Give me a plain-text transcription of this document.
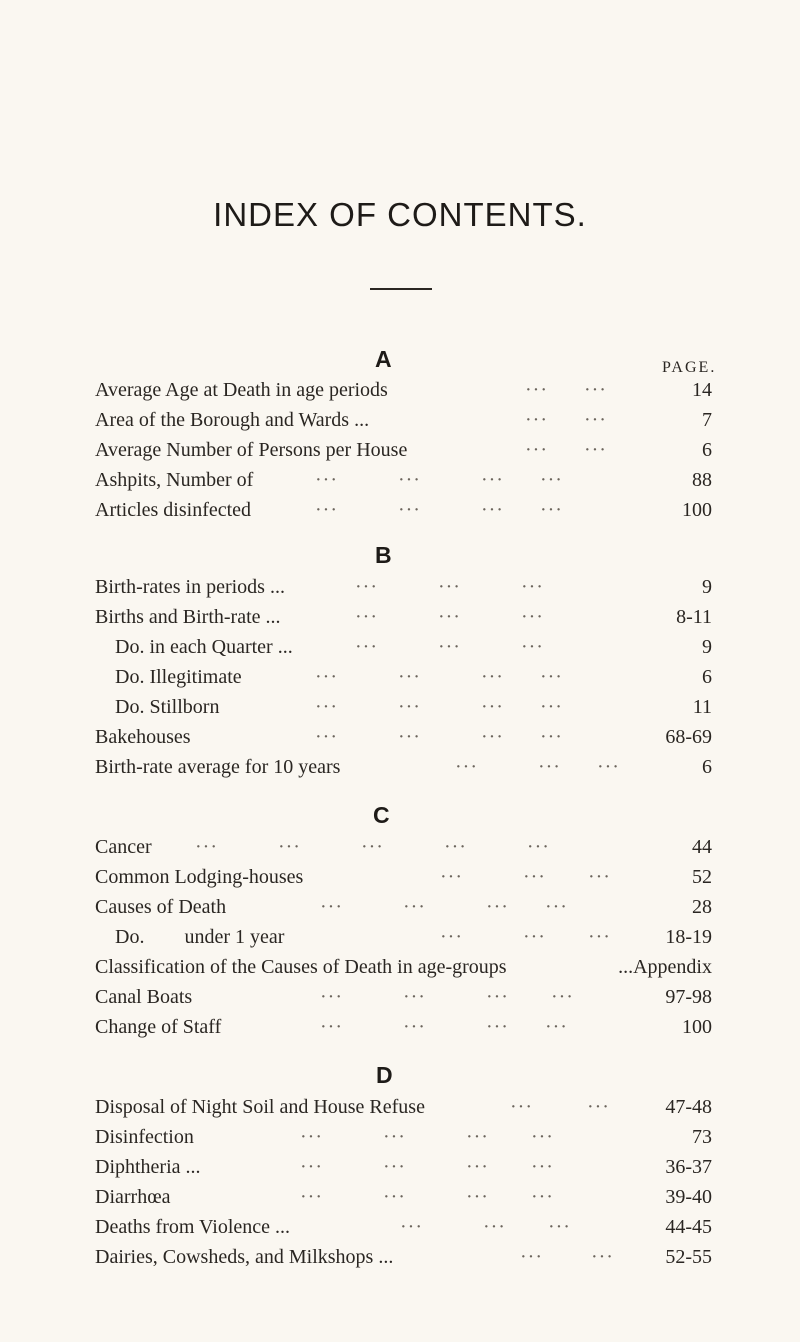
INDEX OF CONTENTS.
PAGE.
A
B
C
D
Average Age at Death in age periods	···      ···	14
Area of the Borough and Wards ...	···      ···	7
Average Number of Persons per House	···      ···	6
Ashpits, Number of	···          ···          ···      ···	88
Articles disinfected	···          ···          ···      ···	100
Birth-rates in periods ...	···          ···          ···	9
Births and Birth-rate ...	···          ···          ···	8-11
Do. in each Quarter ...	···          ···          ···	9
Do. Illegitimate	···          ···          ···      ···	6
Do. Stillborn	···          ···          ···      ···	11
Bakehouses	···          ···          ···      ···	68-69
Birth-rate average for 10 years	···          ···      ···	6
Cancer ···          ···          ···          ···          ···	44
Common Lodging-houses	···          ···       ···	52
Causes of Death	···          ···          ···      ···	28
Do.        under 1 year	···          ···       ···	18-19
Classification of the Causes of Death in age-groups	...Appendix
Canal Boats	···          ···          ···       ···	97-98
Change of Staff	···          ···          ···      ···	100
Disposal of Night Soil and House Refuse	···         ···	47-48
Disinfection	···          ···          ···       ···	73
Diphtheria ...	···          ···          ···       ···	36-37
Diarrhœa	···          ···          ···       ···	39-40
Deaths from Violence ...	···          ···       ···	44-45
Dairies, Cowsheds, and Milkshops ...	···        ···	52-55
